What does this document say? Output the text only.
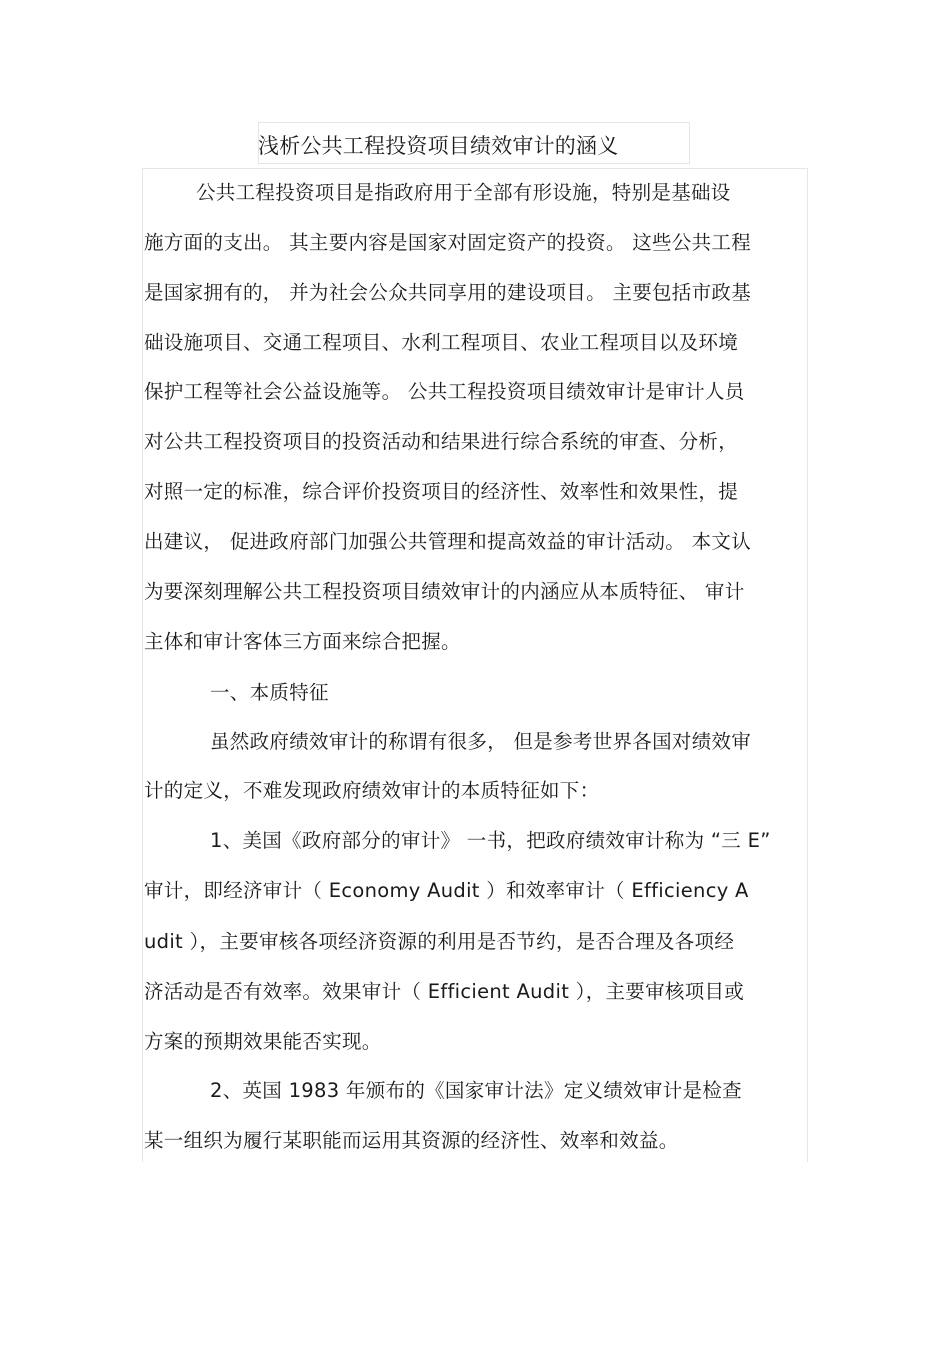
浅析公共工程投资项目绩效审计的涵义
公共工程投资项目是指政府用于全部有形设施，特别是基础设
施方面的支出。 其主要内容是国家对固定资产的投资。 这些公共工程
是国家拥有的， 并为社会公众共同享用的建设项目。 主要包括市政基
础设施项目、交通工程项目、水利工程项目、农业工程项目以及环境
保护工程等社会公益设施等。 公共工程投资项目绩效审计是审计人员
对公共工程投资项目的投资活动和结果进行综合系统的审查、分析，
对照一定的标准，综合评价投资项目的经济性、效率性和效果性，提
出建议， 促进政府部门加强公共管理和提高效益的审计活动。 本文认
为要深刻理解公共工程投资项目绩效审计的内涵应从本质特征、 审计
主体和审计客体三方面来综合把握。
一、本质特征
虽然政府绩效审计的称谓有很多， 但是参考世界各国对绩效审
计的定义，不难发现政府绩效审计的本质特征如下：
1、美国《政府部分的审计》 一书，把政府绩效审计称为 “三 E”
审计，即经济审计（ Economy Audit ）和效率审计（ Efficiency A
udit ），主要审核各项经济资源的利用是否节约，是否合理及各项经
济活动是否有效率。效果审计（ Efficient Audit ），主要审核项目或
方案的预期效果能否实现。
2、英国 1983 年颁布的《国家审计法》定义绩效审计是检查
某一组织为履行某职能而运用其资源的经济性、效率和效益。
